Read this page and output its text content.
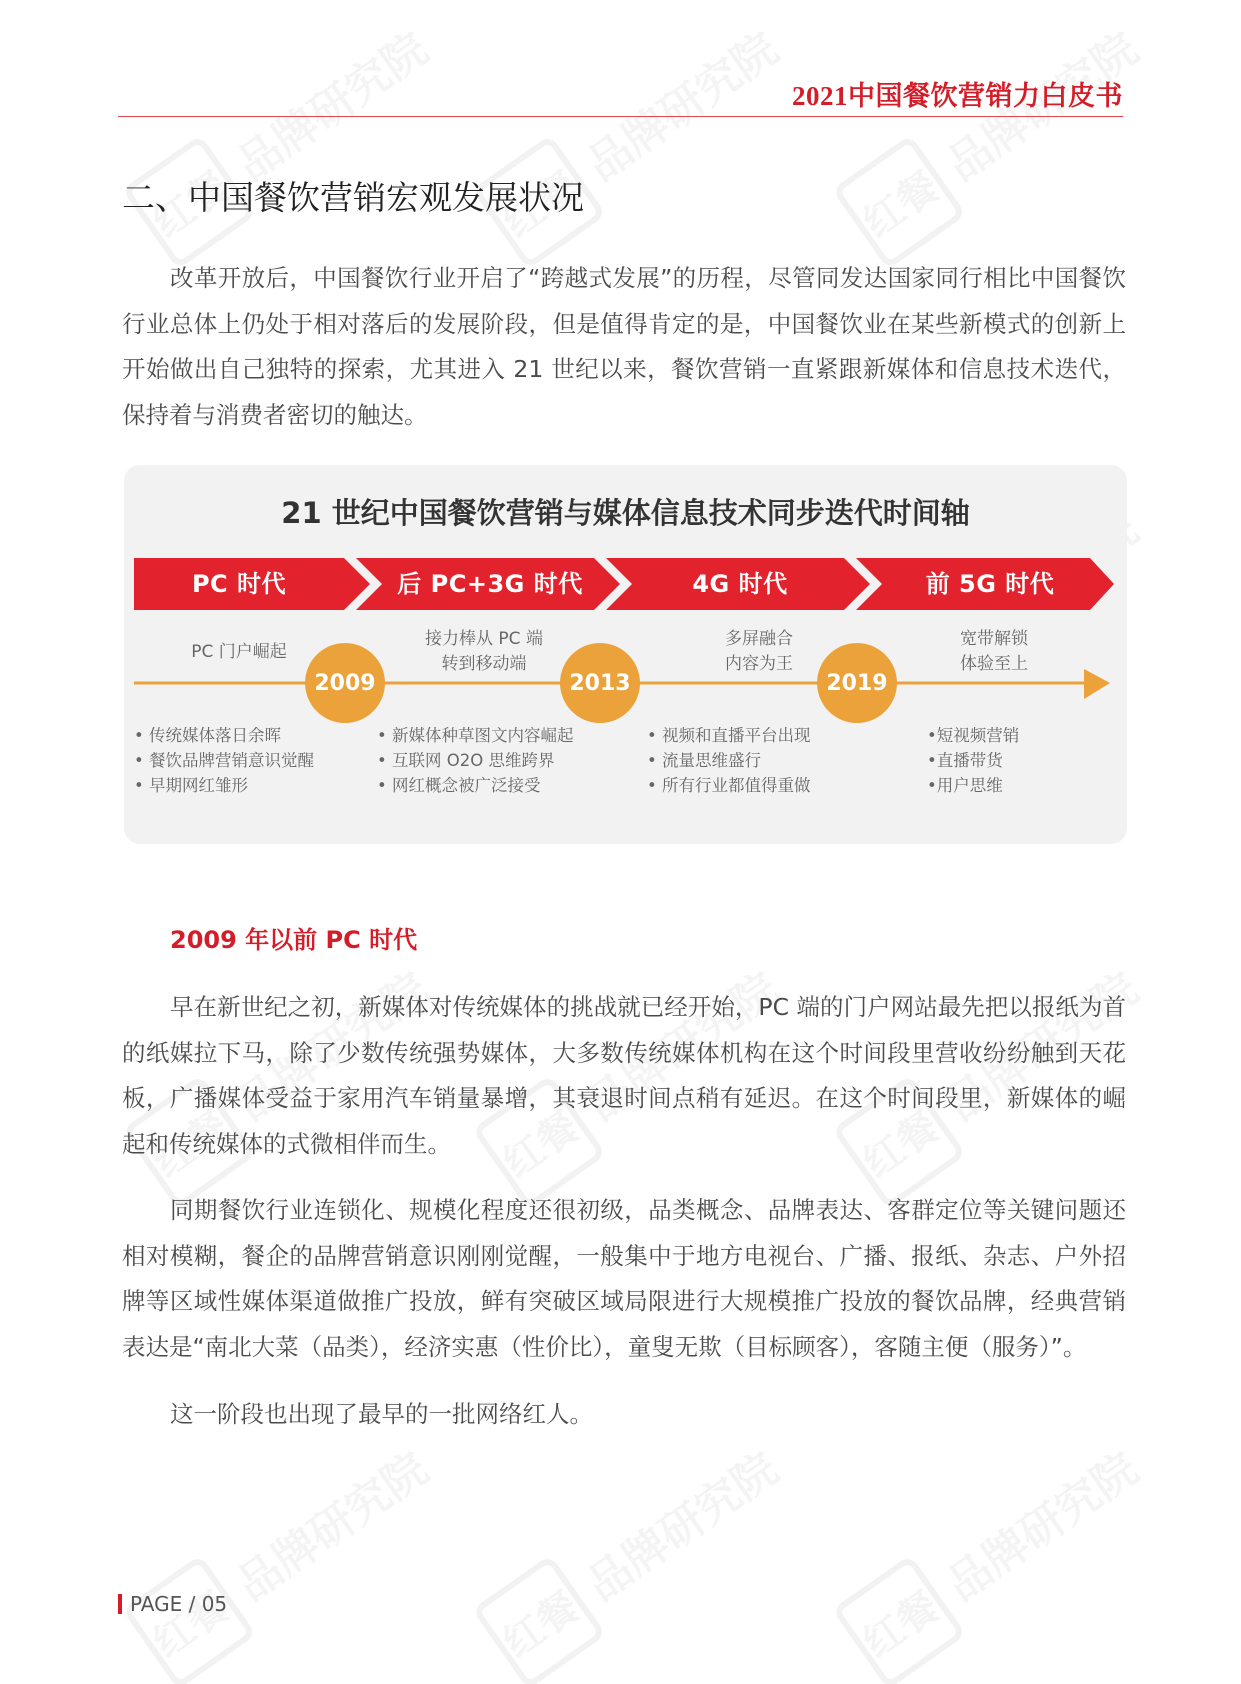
2021中国餐饮营销力白皮书
二、中国餐饮营销宏观发展状况

改革开放后，中国餐饮行业开启了“跨越式发展”的历程，尽管同发达国家同行相比中国餐饮行业总体上仍处于相对落后的发展阶段，但是值得肯定的是，中国餐饮业在某些新模式的创新上开始做出自己独特的探索，尤其进入 21 世纪以来，餐饮营销一直紧跟新媒体和信息技术迭代，保持着与消费者密切的触达。

21 世纪中国餐饮营销与媒体信息技术同步迭代时间轴
PC 时代	后 PC+3G 时代	4G 时代	前 5G 时代
2009	2013	2019
PC 门户崛起
接力棒从 PC 端
转到移动端
多屏融合
内容为王
宽带解锁
体验至上
• 传统媒体落日余晖
• 餐饮品牌营销意识觉醒
• 早期网红雏形
• 新媒体种草图文内容崛起
• 互联网 O2O 思维跨界
• 网红概念被广泛接受
• 视频和直播平台出现
• 流量思维盛行
• 所有行业都值得重做
• 短视频营销
• 直播带货
• 用户思维
2009 年以前 PC 时代

早在新世纪之初，新媒体对传统媒体的挑战就已经开始，PC 端的门户网站最先把以报纸为首的纸媒拉下马，除了少数传统强势媒体，大多数传统媒体机构在这个时间段里营收纷纷触到天花板，广播媒体受益于家用汽车销量暴增，其衰退时间点稍有延迟。在这个时间段里，新媒体的崛起和传统媒体的式微相伴而生。

同期餐饮行业连锁化、规模化程度还很初级，品类概念、品牌表达、客群定位等关键问题还相对模糊，餐企的品牌营销意识刚刚觉醒，一般集中于地方电视台、广播、报纸、杂志、户外招牌等区域性媒体渠道做推广投放，鲜有突破区域局限进行大规模推广投放的餐饮品牌，经典营销表达是“南北大菜（品类），经济实惠（性价比），童叟无欺（目标顾客），客随主便（服务）”。

这一阶段也出现了最早的一批网络红人。

PAGE / 05
